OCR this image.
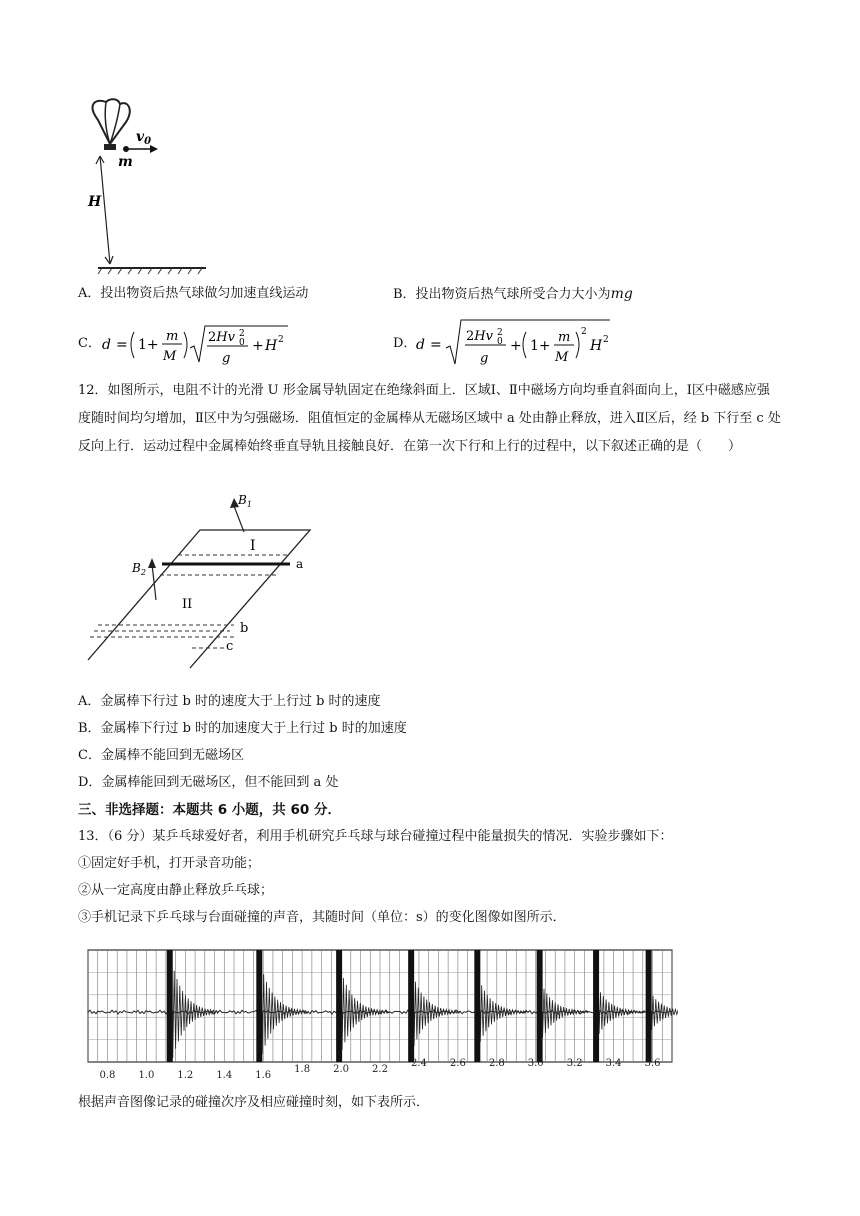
$v_0$
m
H
A．投出物资后热气球做匀加速直线运动	B．投出物资后热气球所受合力大小为mg
C． d = 1+
m
M
2Hv 2
0
g
+ H 2	D． d =
2Hv 2
0
g
+ 1+
m
M
2
H 2
12．如图所示，电阻不计的光滑 U 形金属导轨固定在绝缘斜面上．区域Ⅰ、Ⅱ中磁场方向均垂直斜面向上，Ⅰ区中磁感应强度随时间均匀增加，Ⅱ区中为匀强磁场．阻值恒定的金属棒从无磁场区域中 a 处由静止释放，进入Ⅱ区后，经 b 下行至 c 处反向上行．运动过程中金属棒始终垂直导轨且接触良好．在第一次下行和上行的过程中，以下叙述正确的是（　　）
$B_1$
$B_2$
I
II
a
b
c
A．金属棒下行过 b 时的速度大于上行过 b 时的速度
B．金属棒下行过 b 时的加速度大于上行过 b 时的加速度
C．金属棒不能回到无磁场区
D．金属棒能回到无磁场区，但不能回到 a 处
三、非选择题：本题共 6 小题，共 60 分．
13．（6 分）某乒乓球爱好者，利用手机研究乒乓球与球台碰撞过程中能量损失的情况．实验步骤如下：
①固定好手机，打开录音功能；
②从一定高度由静止释放乒乓球；
③手机记录下乒乓球与台面碰撞的声音，其随时间（单位：s）的变化图像如图所示．
0.8 1.0 1.2 1.4 1.6
1.8 2.0 2.2
2.4 2.6 2.8 3.0 3.2 3.4 3.6
根据声音图像记录的碰撞次序及相应碰撞时刻，如下表所示．
